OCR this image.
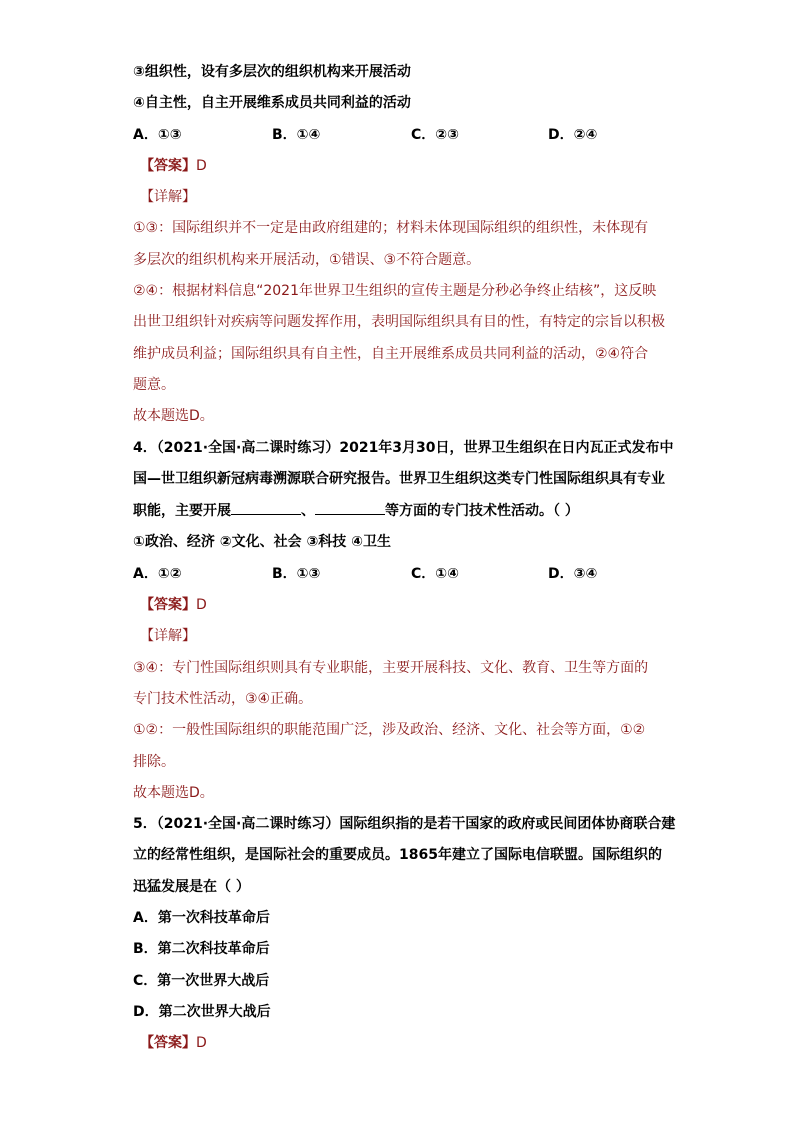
③组织性，设有多层次的组织机构来开展活动
④自主性，自主开展维系成员共同利益的活动
A．①③	B．①④	C．②③	D．②④
【答案】D
【详解】
①③：国际组织并不一定是由政府组建的；材料未体现国际组织的组织性，未体现有
多层次的组织机构来开展活动，①错误、③不符合题意。
②④：根据材料信息“2021年世界卫生组织的宣传主题是分秒必争终止结核”，这反映
出世卫组织针对疾病等问题发挥作用，表明国际组织具有目的性，有特定的宗旨以积极
维护成员利益；国际组织具有自主性，自主开展维系成员共同利益的活动，②④符合
题意。
故本题选D。
4．（2021·全国·高二课时练习）2021年3月30日，世界卫生组织在日内瓦正式发布中
国—世卫组织新冠病毒溯源联合研究报告。世界卫生组织这类专门性国际组织具有专业
职能，主要开展	、	等方面的专门技术性活动。（ ）
①政治、经济 ②文化、社会 ③科技 ④卫生
A．①②	B．①③	C．①④	D．③④
【答案】D
【详解】
③④：专门性国际组织则具有专业职能，主要开展科技、文化、教育、卫生等方面的
专门技术性活动，③④正确。
①②：一般性国际组织的职能范围广泛，涉及政治、经济、文化、社会等方面，①②
排除。
故本题选D。
5．（2021·全国·高二课时练习）国际组织指的是若干国家的政府或民间团体协商联合建
立的经常性组织，是国际社会的重要成员。1865年建立了国际电信联盟。国际组织的
迅猛发展是在（ ）
A．第一次科技革命后
B．第二次科技革命后
C．第一次世界大战后
D．第二次世界大战后
【答案】D
